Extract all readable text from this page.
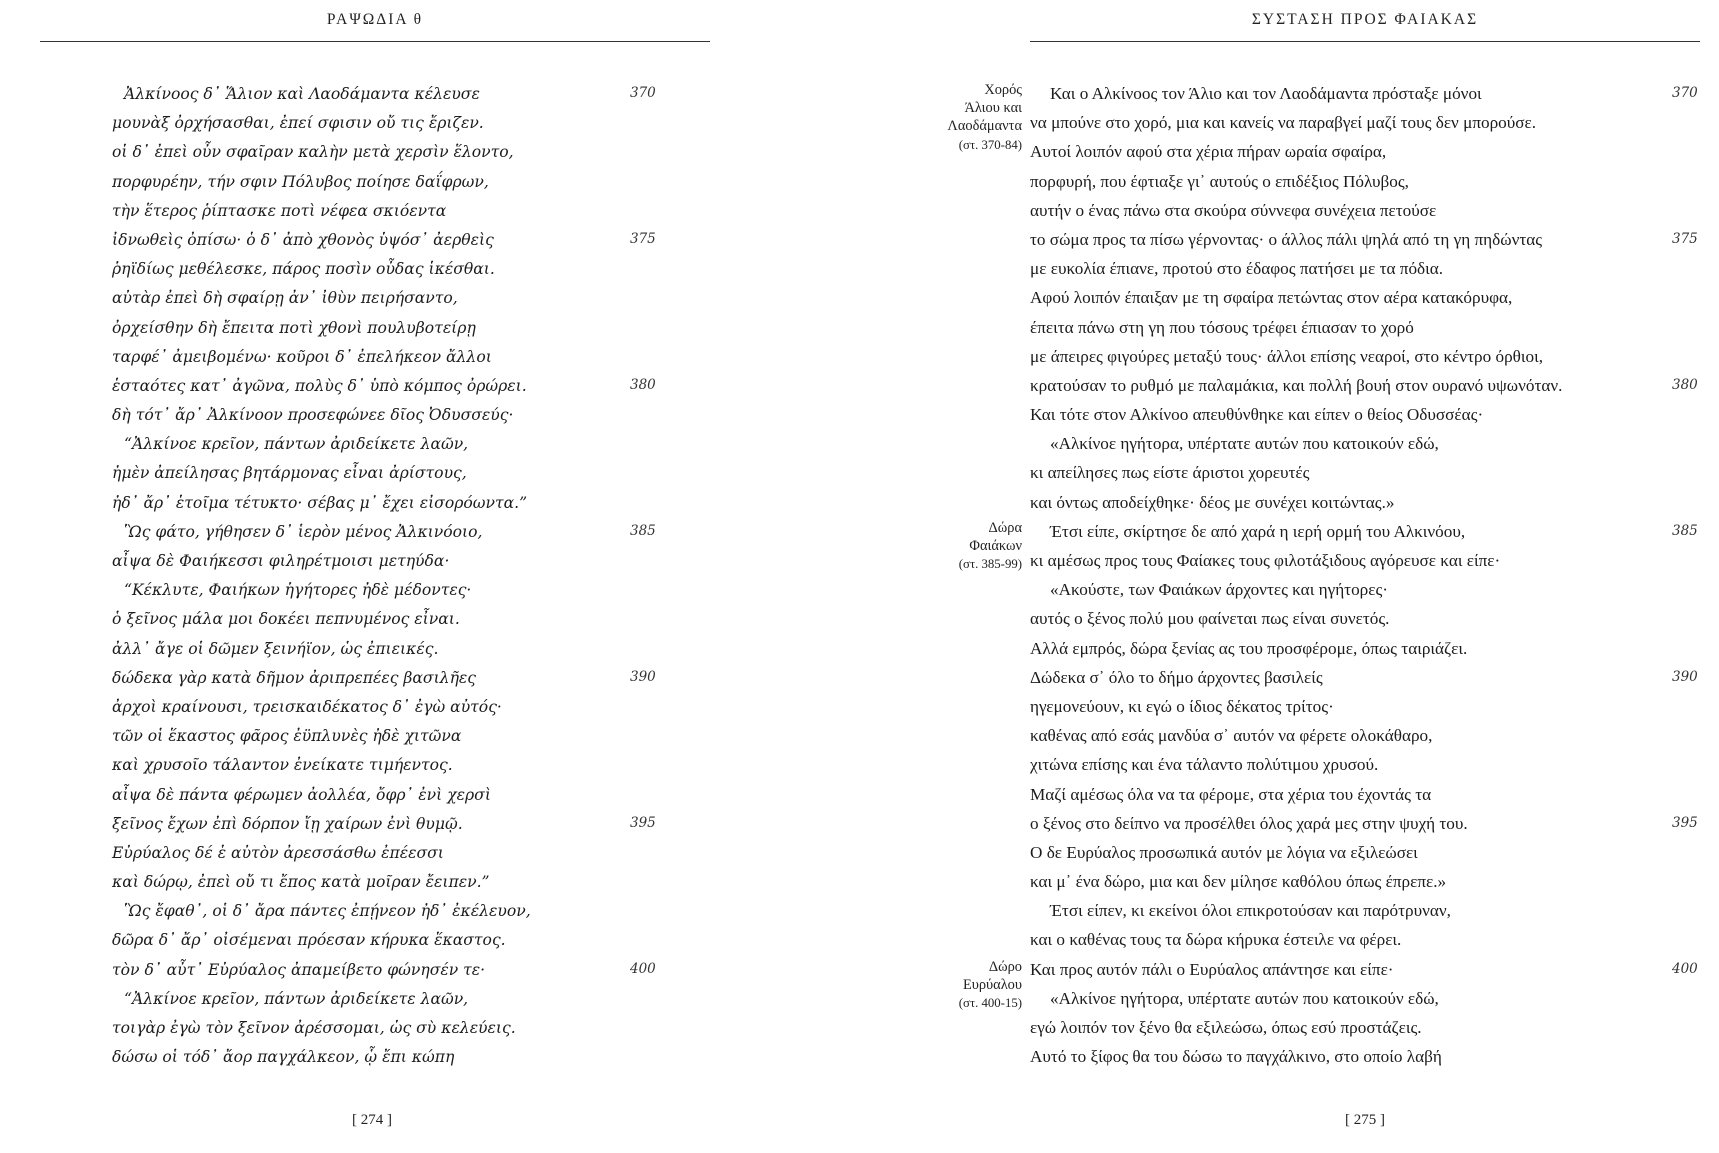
ΡΑΨΩΔΙΑ θ
Ἀλκίνοος δ᾽ Ἅλιον καὶ Λαοδάμαντα κέλευσε	370
μουνὰξ ὀρχήσασθαι, ἐπεί σφισιν οὔ τις ἔριζεν.
οἱ δ᾽ ἐπεὶ οὖν σφαῖραν καλὴν μετὰ χερσὶν ἕλοντο,
πορφυρέην, τήν σφιν Πόλυβος ποίησε δαΐφρων,
τὴν ἕτερος ῥίπτασκε ποτὶ νέφεα σκιόεντα
ἰδνωθεὶς ὀπίσω· ὁ δ᾽ ἀπὸ χθονὸς ὑψόσ᾽ ἀερθεὶς	375
ῥηϊδίως μεθέλεσκε, πάρος ποσὶν οὖδας ἱκέσθαι.
αὐτὰρ ἐπεὶ δὴ σφαίρῃ ἀν᾽ ἰθὺν πειρήσαντο,
ὀρχείσθην δὴ ἔπειτα ποτὶ χθονὶ πουλυβοτείρῃ
ταρφέ᾽ ἀμειβομένω· κοῦροι δ᾽ ἐπελήκεον ἄλλοι
ἑσταότες κατ᾽ ἀγῶνα, πολὺς δ᾽ ὑπὸ κόμπος ὀρώρει.	380
δὴ τότ᾽ ἄρ᾽ Ἀλκίνοον προσεφώνεε δῖος Ὀδυσσεύς·
“Ἀλκίνοε κρεῖον, πάντων ἀριδείκετε λαῶν,
ἠμὲν ἀπείλησας βητάρμονας εἶναι ἀρίστους,
ἠδ᾽ ἄρ᾽ ἑτοῖμα τέτυκτο· σέβας μ᾽ ἔχει εἰσορόωντα.”
Ὣς φάτο, γήθησεν δ᾽ ἱερὸν μένος Ἀλκινόοιο,	385
αἶψα δὲ Φαιήκεσσι φιληρέτμοισι μετηύδα·
“Κέκλυτε, Φαιήκων ἡγήτορες ἠδὲ μέδοντες·
ὁ ξεῖνος μάλα μοι δοκέει πεπνυμένος εἶναι.
ἀλλ᾽ ἄγε οἱ δῶμεν ξεινήϊον, ὡς ἐπιεικές.
δώδεκα γὰρ κατὰ δῆμον ἀριπρεπέες βασιλῆες	390
ἀρχοὶ κραίνουσι, τρεισκαιδέκατος δ᾽ ἐγὼ αὐτός·
τῶν οἱ ἕκαστος φᾶρος ἐϋπλυνὲς ἠδὲ χιτῶνα
καὶ χρυσοῖο τάλαντον ἐνείκατε τιμήεντος.
αἶψα δὲ πάντα φέρωμεν ἀολλέα, ὄφρ᾽ ἐνὶ χερσὶ
ξεῖνος ἔχων ἐπὶ δόρπον ἴῃ χαίρων ἐνὶ θυμῷ.	395
Εὐρύαλος δέ ἑ αὐτὸν ἀρεσσάσθω ἐπέεσσι
καὶ δώρῳ, ἐπεὶ οὔ τι ἔπος κατὰ μοῖραν ἔειπεν.”
Ὣς ἔφαθ᾽, οἱ δ᾽ ἄρα πάντες ἐπῄνεον ἠδ᾽ ἐκέλευον,
δῶρα δ᾽ ἄρ᾽ οἰσέμεναι πρόεσαν κήρυκα ἕκαστος.
τὸν δ᾽ αὖτ᾽ Εὐρύαλος ἀπαμείβετο φώνησέν τε·	400
“Ἀλκίνοε κρεῖον, πάντων ἀριδείκετε λαῶν,
τοιγὰρ ἐγὼ τὸν ξεῖνον ἀρέσσομαι, ὡς σὺ κελεύεις.
δώσω οἱ τόδ᾽ ἄορ παγχάλκεον, ᾧ ἔπι κώπη
[ 274 ]
ΣΥΣΤΑΣΗ ΠΡΟΣ ΦΑΙΑΚΑΣ
Χορός
Άλιου και
Λαοδάμαντα
(στ. 370-84)
Δώρα
Φαιάκων
(στ. 385-99)
Δώρο
Ευρύαλου
(στ. 400-15)
Και ο Αλκίνοος τον Άλιο και τον Λαοδάμαντα πρόσταξε μόνοι	370
να μπούνε στο χορό, μια και κανείς να παραβγεί μαζί τους δεν μπορούσε.
Αυτοί λοιπόν αφού στα χέρια πήραν ωραία σφαίρα,
πορφυρή, που έφτιαξε γι᾽ αυτούς ο επιδέξιος Πόλυβος,
αυτήν ο ένας πάνω στα σκούρα σύννεφα συνέχεια πετούσε
το σώμα προς τα πίσω γέρνοντας· ο άλλος πάλι ψηλά από τη γη πηδώντας	375
με ευκολία έπιανε, προτού στο έδαφος πατήσει με τα πόδια.
Αφού λοιπόν έπαιξαν με τη σφαίρα πετώντας στον αέρα κατακόρυφα,
έπειτα πάνω στη γη που τόσους τρέφει έπιασαν το χορό
με άπειρες φιγούρες μεταξύ τους· άλλοι επίσης νεαροί, στο κέντρο όρθιοι,
κρατούσαν το ρυθμό με παλαμάκια, και πολλή βουή στον ουρανό υψωνόταν.	380
Και τότε στον Αλκίνοο απευθύνθηκε και είπεν ο θείος Οδυσσέας·
«Αλκίνοε ηγήτορα, υπέρτατε αυτών που κατοικούν εδώ,
κι απείλησες πως είστε άριστοι χορευτές
και όντως αποδείχθηκε· δέος με συνέχει κοιτώντας.»
Έτσι είπε, σκίρτησε δε από χαρά η ιερή ορμή του Αλκινόου,	385
κι αμέσως προς τους Φαίακες τους φιλοτάξιδους αγόρευσε και είπε·
«Ακούστε, των Φαιάκων άρχοντες και ηγήτορες·
αυτός ο ξένος πολύ μου φαίνεται πως είναι συνετός.
Αλλά εμπρός, δώρα ξενίας ας του προσφέρομε, όπως ταιριάζει.
Δώδεκα σ᾽ όλο το δήμο άρχοντες βασιλείς	390
ηγεμονεύουν, κι εγώ ο ίδιος δέκατος τρίτος·
καθένας από εσάς μανδύα σ᾽ αυτόν να φέρετε ολοκάθαρο,
χιτώνα επίσης και ένα τάλαντο πολύτιμου χρυσού.
Μαζί αμέσως όλα να τα φέρομε, στα χέρια του έχοντάς τα
ο ξένος στο δείπνο να προσέλθει όλος χαρά μες στην ψυχή του.	395
Ο δε Ευρύαλος προσωπικά αυτόν με λόγια να εξιλεώσει
και μ᾽ ένα δώρο, μια και δεν μίλησε καθόλου όπως έπρεπε.»
Έτσι είπεν, κι εκείνοι όλοι επικροτούσαν και παρότρυναν,
και ο καθένας τους τα δώρα κήρυκα έστειλε να φέρει.
Και προς αυτόν πάλι ο Ευρύαλος απάντησε και είπε·	400
«Αλκίνοε ηγήτορα, υπέρτατε αυτών που κατοικούν εδώ,
εγώ λοιπόν τον ξένο θα εξιλεώσω, όπως εσύ προστάζεις.
Αυτό το ξίφος θα του δώσω το παγχάλκινο, στο οποίο λαβή
[ 275 ]
